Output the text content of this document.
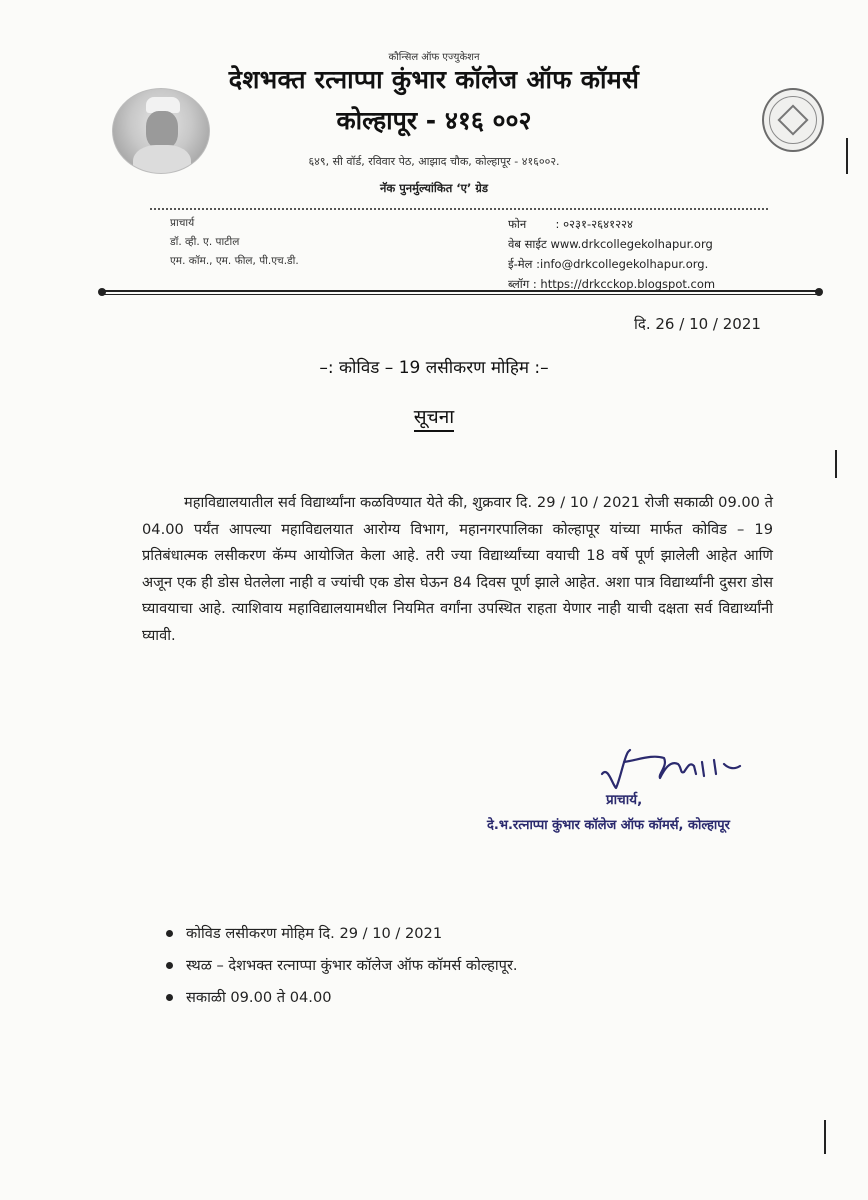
कौन्सिल ऑफ एज्युकेशन
देशभक्त रत्नाप्पा कुंभार कॉलेज ऑफ कॉमर्स
कोल्हापूर - ४१६ ००२
६४९, सी वॉर्ड, रविवार पेठ, आझाद चौक, कोल्हापूर - ४१६००२.
नॅक पुनर्मुल्यांकित ‘ए’ ग्रेड
प्राचार्य
डॉ. व्ही. ए. पाटील
एम. कॉम., एम. फील, पी.एच.डी.
फोन	: ०२३१-२६४१२२४
वेब साईट www.drkcollegekolhapur.org
ई-मेल :info@drkcollegekolhapur.org.
ब्लॉग : https://drkcckop.blogspot.com
दि. 26 / 10 / 2021
–: कोविड – 19 लसीकरण मोहिम :–
सूचना

महाविद्यालयातील सर्व विद्यार्थ्यांना कळविण्यात येते की, शुक्रवार दि. 29 / 10 / 2021 रोजी सकाळी 09.00 ते 04.00 पर्यंत आपल्या महाविद्यलयात आरोग्य विभाग, महानगरपालिका कोल्हापूर यांच्या मार्फत कोविड – 19 प्रतिबंधात्मक लसीकरण कॅम्प आयोजित केला आहे. तरी ज्या विद्यार्थ्यांच्या वयाची 18 वर्षे पूर्ण झालेली आहेत आणि अजून एक ही डोस घेतलेला नाही व ज्यांची एक डोस घेऊन 84 दिवस पूर्ण झाले आहेत. अशा पात्र विद्यार्थ्यांनी दुसरा डोस घ्यावयाचा आहे. त्याशिवाय महाविद्यालयामधील नियमित वर्गांना उपस्थित राहता येणार नाही याची दक्षता सर्व विद्यार्थ्यांनी घ्यावी.

प्राचार्य,
दे.भ.रत्नाप्पा कुंभार कॉलेज ऑफ कॉमर्स, कोल्हापूर
कोविड लसीकरण मोहिम दि. 29 / 10 / 2021
स्थळ – देशभक्त रत्नाप्पा कुंभार कॉलेज ऑफ कॉमर्स कोल्हापूर.
सकाळी 09.00 ते 04.00
